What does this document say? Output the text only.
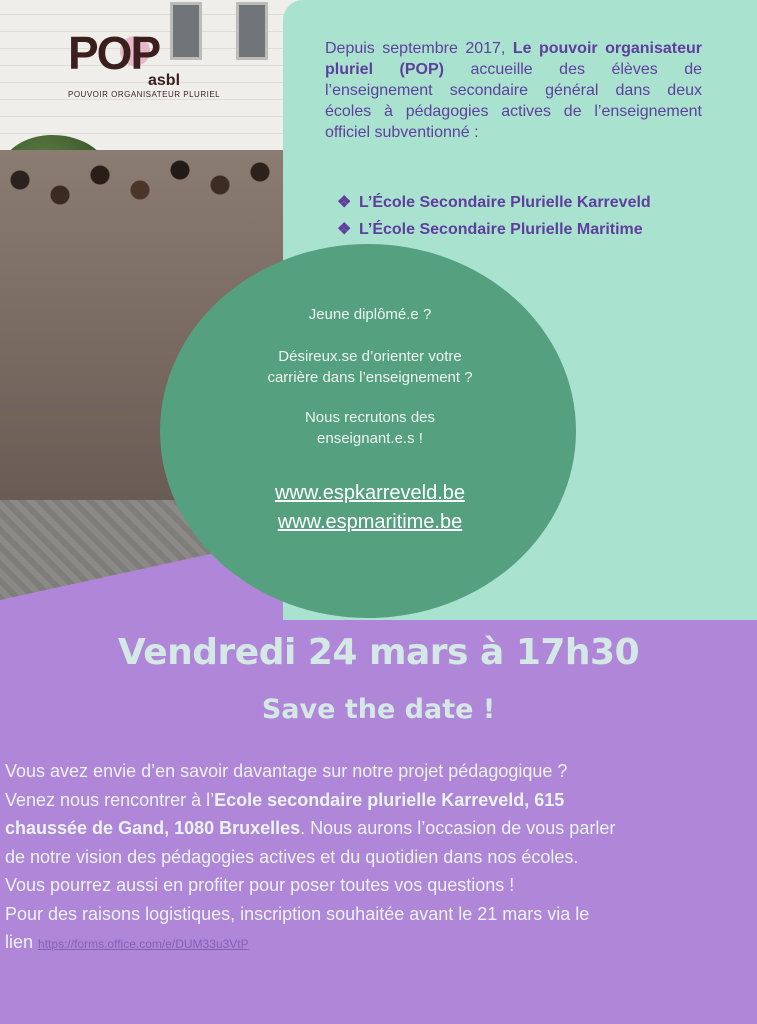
POP
asbl
POUVOIR ORGANISATEUR PLURIEL
Depuis septembre 2017, Le pouvoir organisateur pluriel (POP) accueille des élèves de l’enseignement secondaire général dans deux écoles à pédagogies actives de l’enseignement officiel subventionné :
❖ L’École Secondaire Plurielle Karreveld
❖ L’École Secondaire Plurielle Maritime
Jeune diplômé.e ?
Désireux.se d’orienter votre
carrière dans l’enseignement ?
Nous recrutons des
enseignant.e.s !
www.espkarreveld.be
www.espmaritime.be
Vendredi 24 mars à 17h30
Save the date !
Vous avez envie d’en savoir davantage sur notre projet pédagogique ?
Venez nous rencontrer à l’Ecole secondaire plurielle Karreveld, 615
chaussée de Gand, 1080 Bruxelles. Nous aurons l’occasion de vous parler
de notre vision des pédagogies actives et du quotidien dans nos écoles.
Vous pourrez aussi en profiter pour poser toutes vos questions !
Pour des raisons logistiques, inscription souhaitée avant le 21 mars via le
lien https://forms.office.com/e/DUM33u3VtP
